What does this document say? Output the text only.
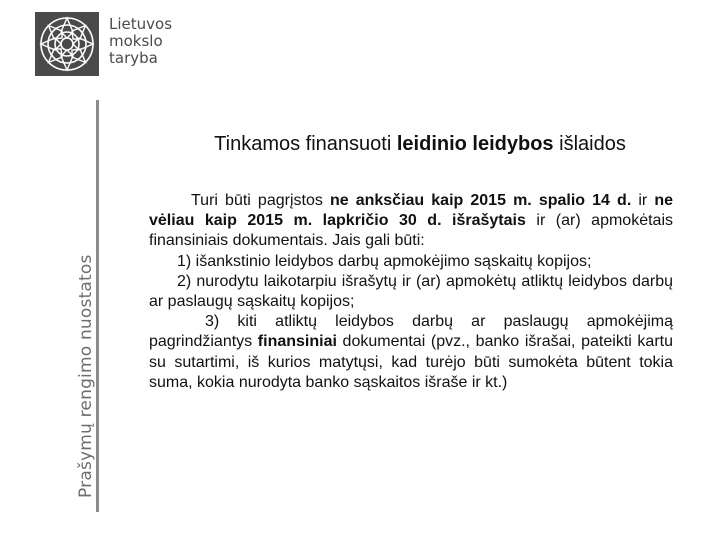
Lietuvos
mokslo
taryba
Prašymų rengimo nuostatos
Tinkamos finansuoti leidinio leidybos išlaidos

Turi būti pagrįstos ne anksčiau kaip 2015 m. spalio 14 d. ir ne vėliau kaip 2015 m. lapkričio 30 d. išrašytais ir (ar) apmokėtais finansiniais dokumentais. Jais gali būti:

1) išankstinio leidybos darbų apmokėjimo sąskaitų kopijos;

2) nurodytu laikotarpiu išrašytų ir (ar) apmokėtų atliktų leidybos darbų ar paslaugų sąskaitų kopijos;

3) kiti atliktų leidybos darbų ar paslaugų apmokėjimą pagrindžiantys finansiniai dokumentai (pvz., banko išrašai, pateikti kartu su sutartimi, iš kurios matytųsi, kad turėjo būti sumokėta būtent tokia suma, kokia nurodyta banko sąskaitos išraše ir kt.)
